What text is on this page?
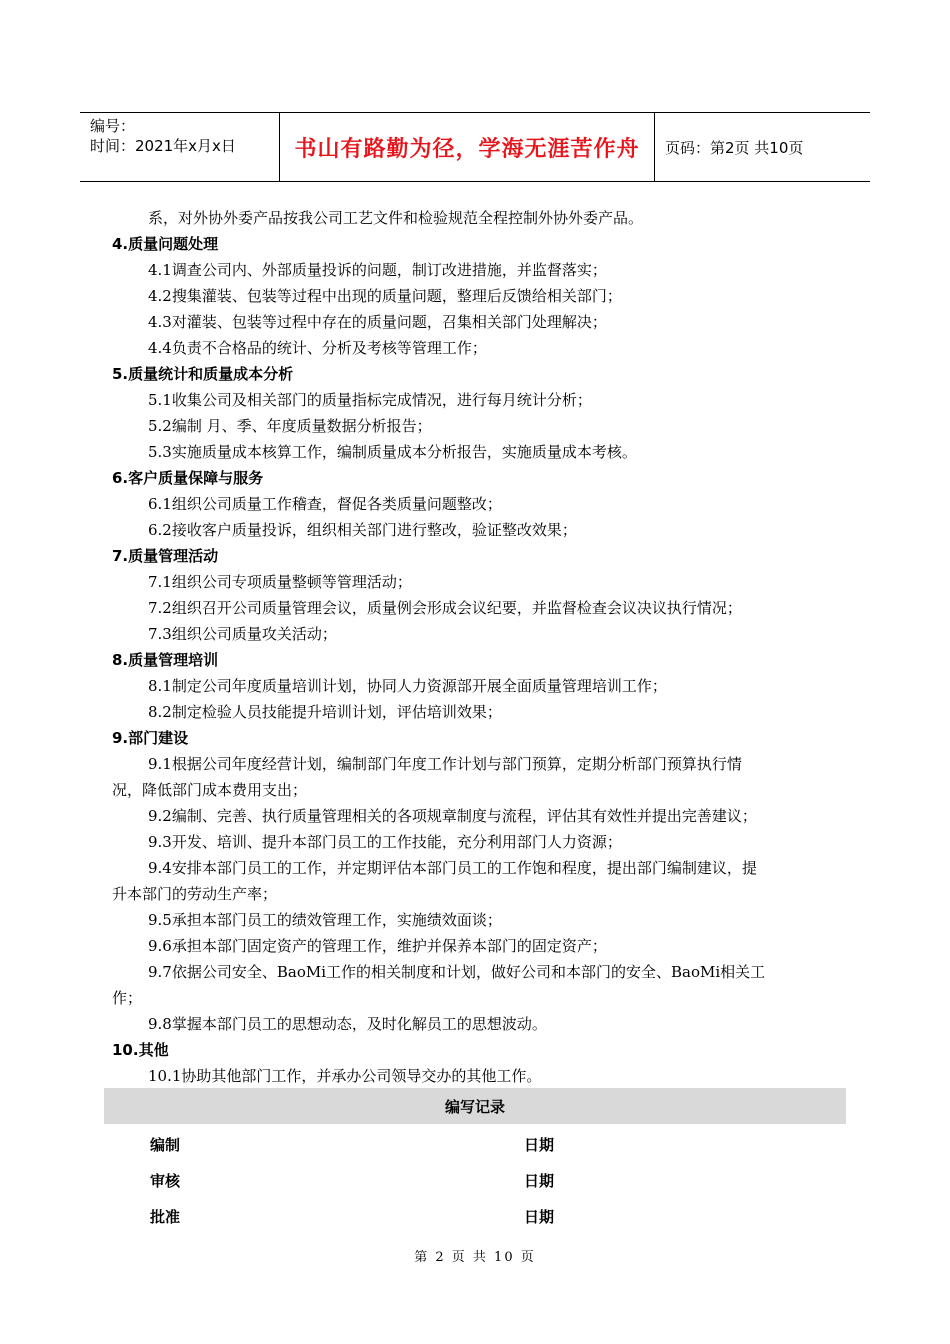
编号：
时间：2021年x月x日	书山有路勤为径，学海无涯苦作舟	页码：第2页 共10页
系，对外协外委产品按我公司工艺文件和检验规范全程控制外协外委产品。
4.质量问题处理
4.1调查公司内、外部质量投诉的问题，制订改进措施，并监督落实；
4.2搜集灌装、包装等过程中出现的质量问题，整理后反馈给相关部门；
4.3对灌装、包装等过程中存在的质量问题，召集相关部门处理解决；
4.4负责不合格品的统计、分析及考核等管理工作；
5.质量统计和质量成本分析
5.1收集公司及相关部门的质量指标完成情况，进行每月统计分析；
5.2编制 月、季、年度质量数据分析报告；
5.3实施质量成本核算工作，编制质量成本分析报告，实施质量成本考核。
6.客户质量保障与服务
6.1组织公司质量工作稽查，督促各类质量问题整改；
6.2接收客户质量投诉，组织相关部门进行整改，验证整改效果；
7.质量管理活动
7.1组织公司专项质量整顿等管理活动；
7.2组织召开公司质量管理会议，质量例会形成会议纪要，并监督检查会议决议执行情况；
7.3组织公司质量攻关活动；
8.质量管理培训
8.1制定公司年度质量培训计划，协同人力资源部开展全面质量管理培训工作；
8.2制定检验人员技能提升培训计划，评估培训效果；
9.部门建设
9.1根据公司年度经营计划，编制部门年度工作计划与部门预算，定期分析部门预算执行情
况，降低部门成本费用支出；
9.2编制、完善、执行质量管理相关的各项规章制度与流程，评估其有效性并提出完善建议；
9.3开发、培训、提升本部门员工的工作技能，充分利用部门人力资源；
9.4安排本部门员工的工作，并定期评估本部门员工的工作饱和程度，提出部门编制建议，提
升本部门的劳动生产率；
9.5承担本部门员工的绩效管理工作，实施绩效面谈；
9.6承担本部门固定资产的管理工作，维护并保养本部门的固定资产；
9.7依据公司安全、BaoMi工作的相关制度和计划，做好公司和本部门的安全、BaoMi相关工
作；
9.8掌握本部门员工的思想动态，及时化解员工的思想波动。
10.其他
10.1协助其他部门工作，并承办公司领导交办的其他工作。
编写记录
编制	日期
审核	日期
批准	日期
第 2 页 共 10 页
